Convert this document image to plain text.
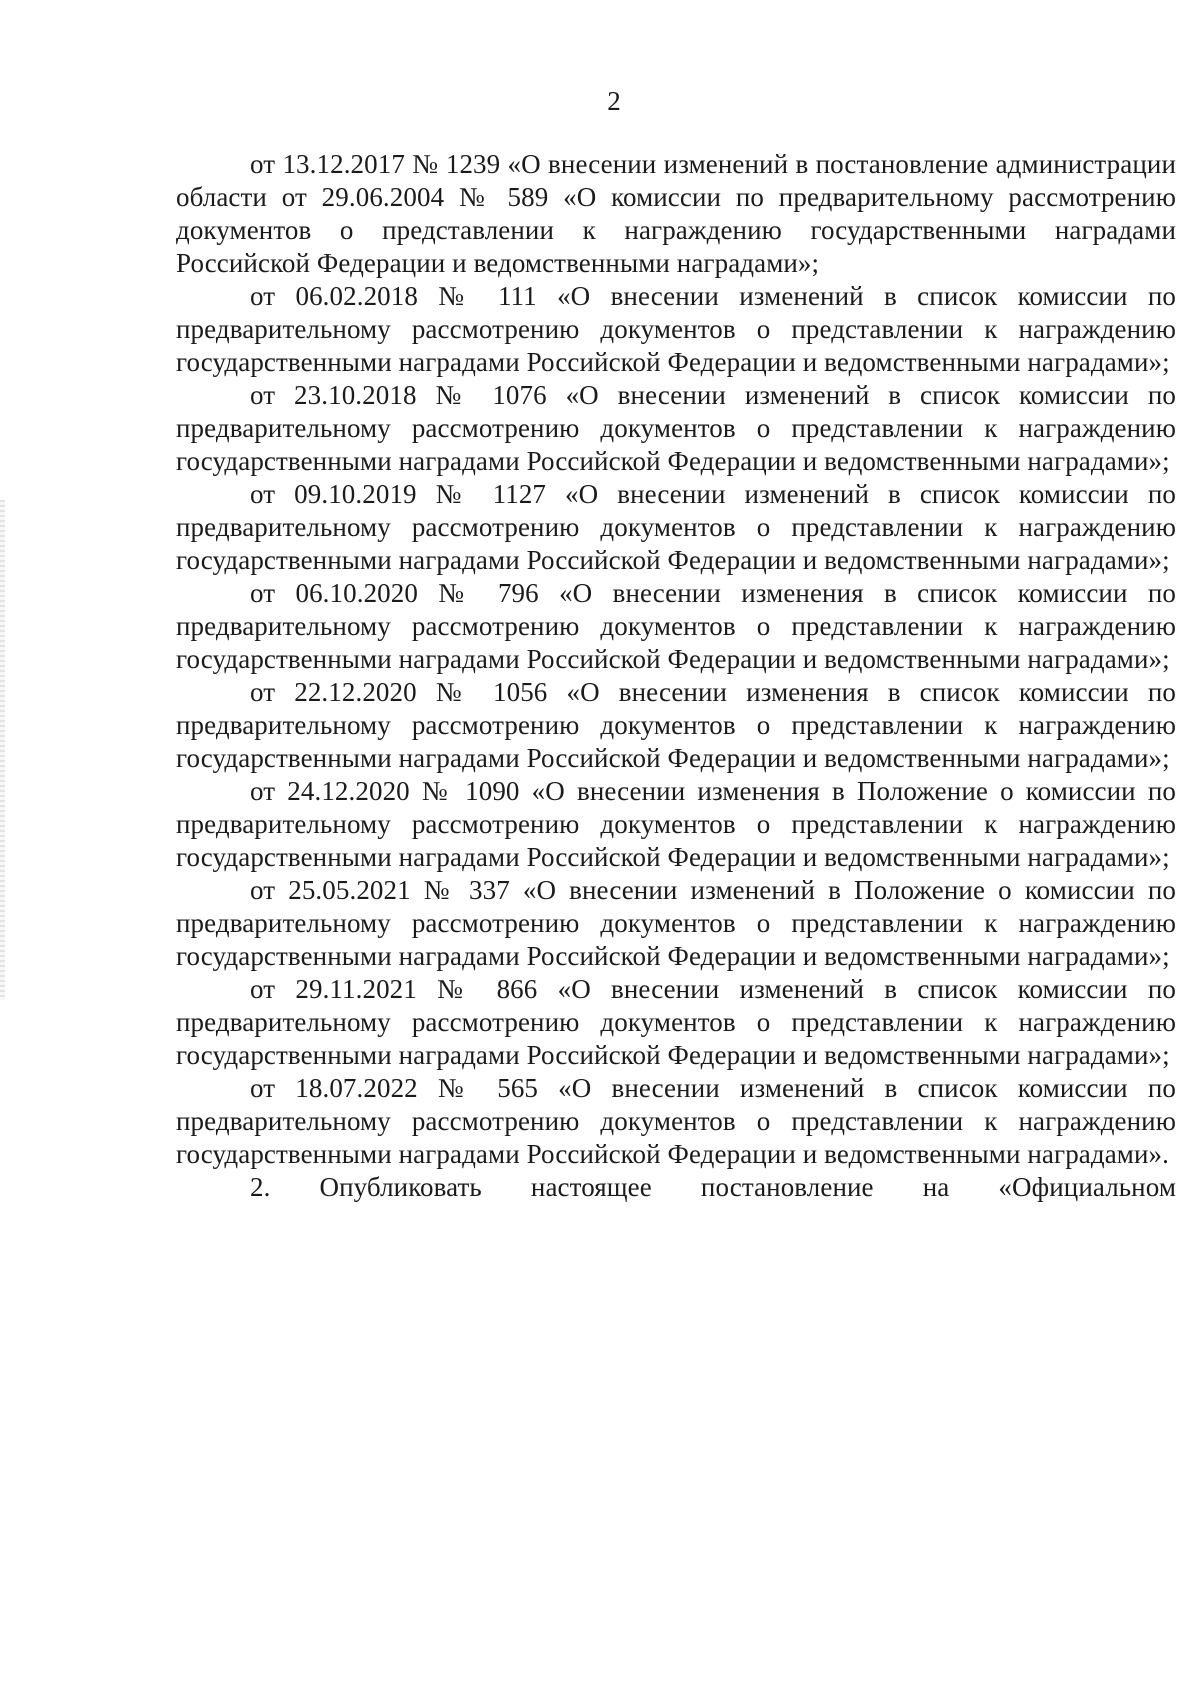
2

от 13.12.2017 № 1239 «О внесении изменений в постановление администрации области от 29.06.2004 № 589 «О комиссии по предварительному рассмотрению документов о представлении к награждению государственными наградами Российской Федерации и ведомственными наградами»;

от 06.02.2018 № 111 «О внесении изменений в список комиссии по предварительному рассмотрению документов о представлении к награждению государственными наградами Российской Федерации и ведомственными наградами»;

от 23.10.2018 № 1076 «О внесении изменений в список комиссии по предварительному рассмотрению документов о представлении к награждению государственными наградами Российской Федерации и ведомственными наградами»;

от 09.10.2019 № 1127 «О внесении изменений в список комиссии по предварительному рассмотрению документов о представлении к награждению государственными наградами Российской Федерации и ведомственными наградами»;

от 06.10.2020 № 796 «О внесении изменения в список комиссии по предварительному рассмотрению документов о представлении к награждению государственными наградами Российской Федерации и ведомственными наградами»;

от 22.12.2020 № 1056 «О внесении изменения в список комиссии по предварительному рассмотрению документов о представлении к награждению государственными наградами Российской Федерации и ведомственными наградами»;

от 24.12.2020 № 1090 «О внесении изменения в Положение о комиссии по предварительному рассмотрению документов о представлении к награждению государственными наградами Российской Федерации и ведомственными наградами»;

от 25.05.2021 № 337 «О внесении изменений в Положение о комиссии по предварительному рассмотрению документов о представлении к награждению государственными наградами Российской Федерации и ведомственными наградами»;

от 29.11.2021 № 866 «О внесении изменений в список комиссии по предварительному рассмотрению документов о представлении к награждению государственными наградами Российской Федерации и ведомственными наградами»;

от 18.07.2022 № 565 «О внесении изменений в список комиссии по предварительному рассмотрению документов о представлении к награждению государственными наградами Российской Федерации и ведомственными наградами».

2. Опубликовать настоящее постановление на «Официальном
